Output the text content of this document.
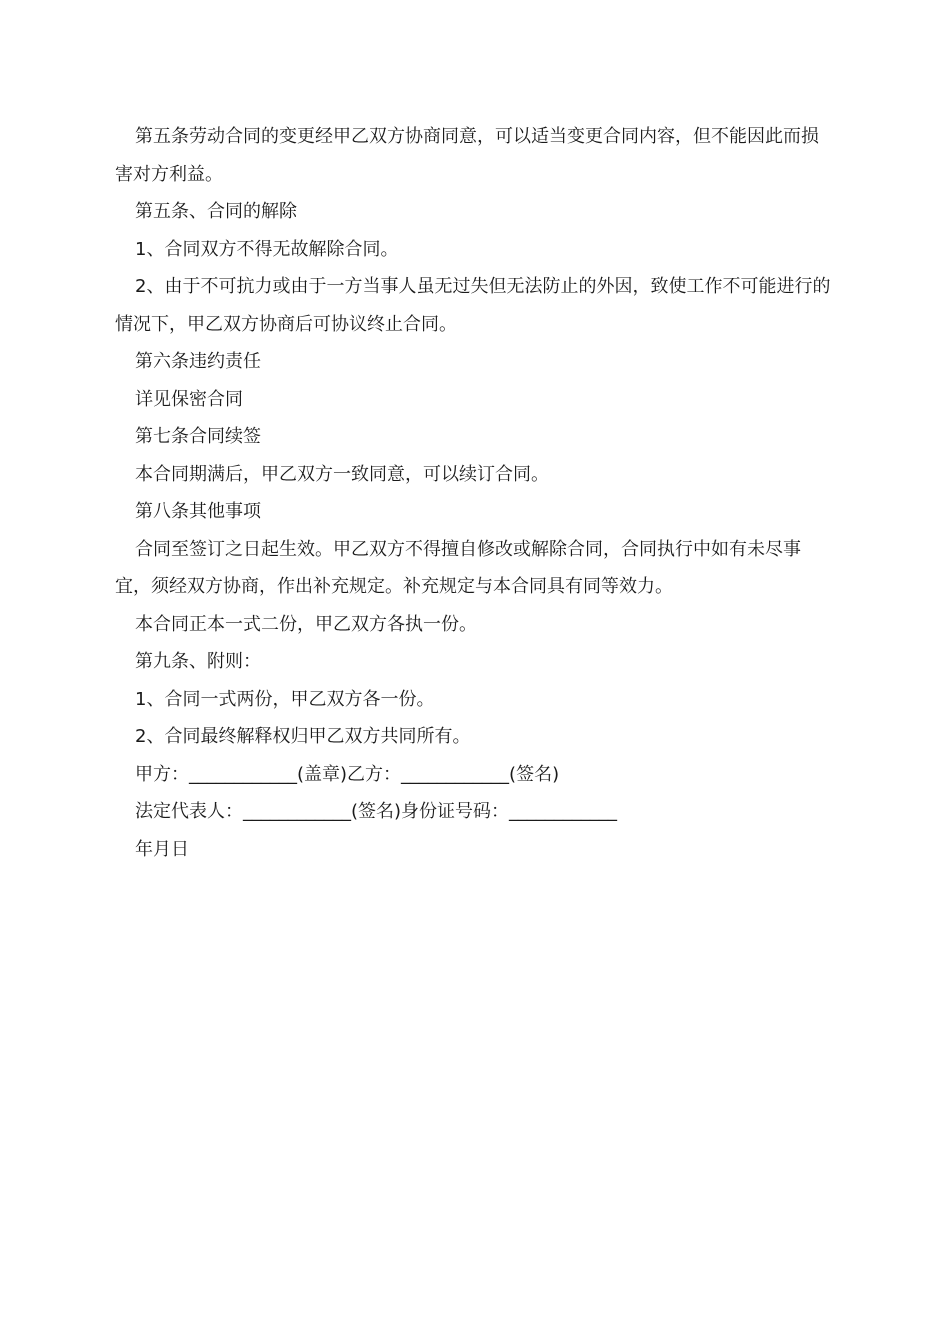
第五条劳动合同的变更经甲乙双方协商同意，可以适当变更合同内容，但不能因此而损害对方利益。

第五条、合同的解除

1、合同双方不得无故解除合同。

2、由于不可抗力或由于一方当事人虽无过失但无法防止的外因，致使工作不可能进行的情况下，甲乙双方协商后可协议终止合同。

第六条违约责任

详见保密合同

第七条合同续签

本合同期满后，甲乙双方一致同意，可以续订合同。

第八条其他事项

合同至签订之日起生效。甲乙双方不得擅自修改或解除合同，合同执行中如有未尽事宜，须经双方协商，作出补充规定。补充规定与本合同具有同等效力。

本合同正本一式二份，甲乙双方各执一份。

第九条、附则：

1、合同一式两份，甲乙双方各一份。

2、合同最终解释权归甲乙双方共同所有。

甲方：____________(盖章)乙方：____________(签名)

法定代表人：____________(签名)身份证号码：____________

年月日
